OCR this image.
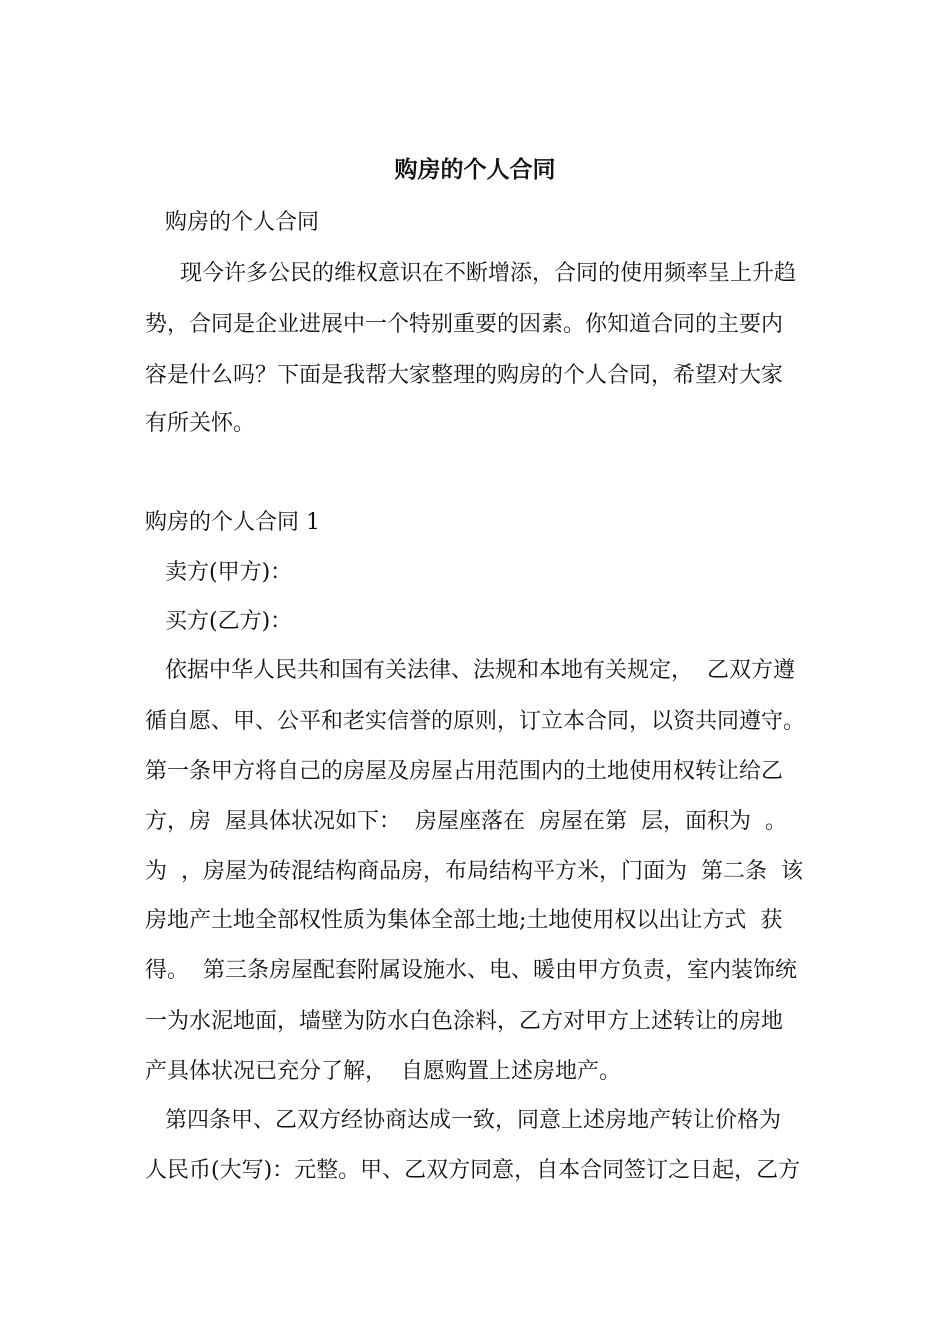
购房的个人合同
购房的个人合同
现今许多公民的维权意识在不断增添，合同的使用频率呈上升趋
势，合同是企业进展中一个特别重要的因素。你知道合同的主要内
容是什么吗？下面是我帮大家整理的购房的个人合同，希望对大家
有所关怀。
购房的个人合同 1
卖方(甲方)：
买方(乙方)：
依据中华人民共和国有关法律、法规和本地有关规定，  乙双方遵
循自愿、甲、公平和老实信誉的原则，订立本合同，以资共同遵守。
第一条甲方将自己的房屋及房屋占用范围内的土地使用权转让给乙
方，房  屋具体状况如下：  房屋座落在  房屋在第  层，面积为  。
为  ，房屋为砖混结构商品房，布局结构平方米，门面为  第二条  该
房地产土地全部权性质为集体全部土地;土地使用权以出让方式  获
得。  第三条房屋配套附属设施水、电、暖由甲方负责，室内装饰统
一为水泥地面，墙壁为防水白色涂料，乙方对甲方上述转让的房地
产具体状况已充分了解，  自愿购置上述房地产。
第四条甲、乙双方经协商达成一致，同意上述房地产转让价格为
人民币(大写)：元整。甲、乙双方同意，自本合同签订之日起，乙方
